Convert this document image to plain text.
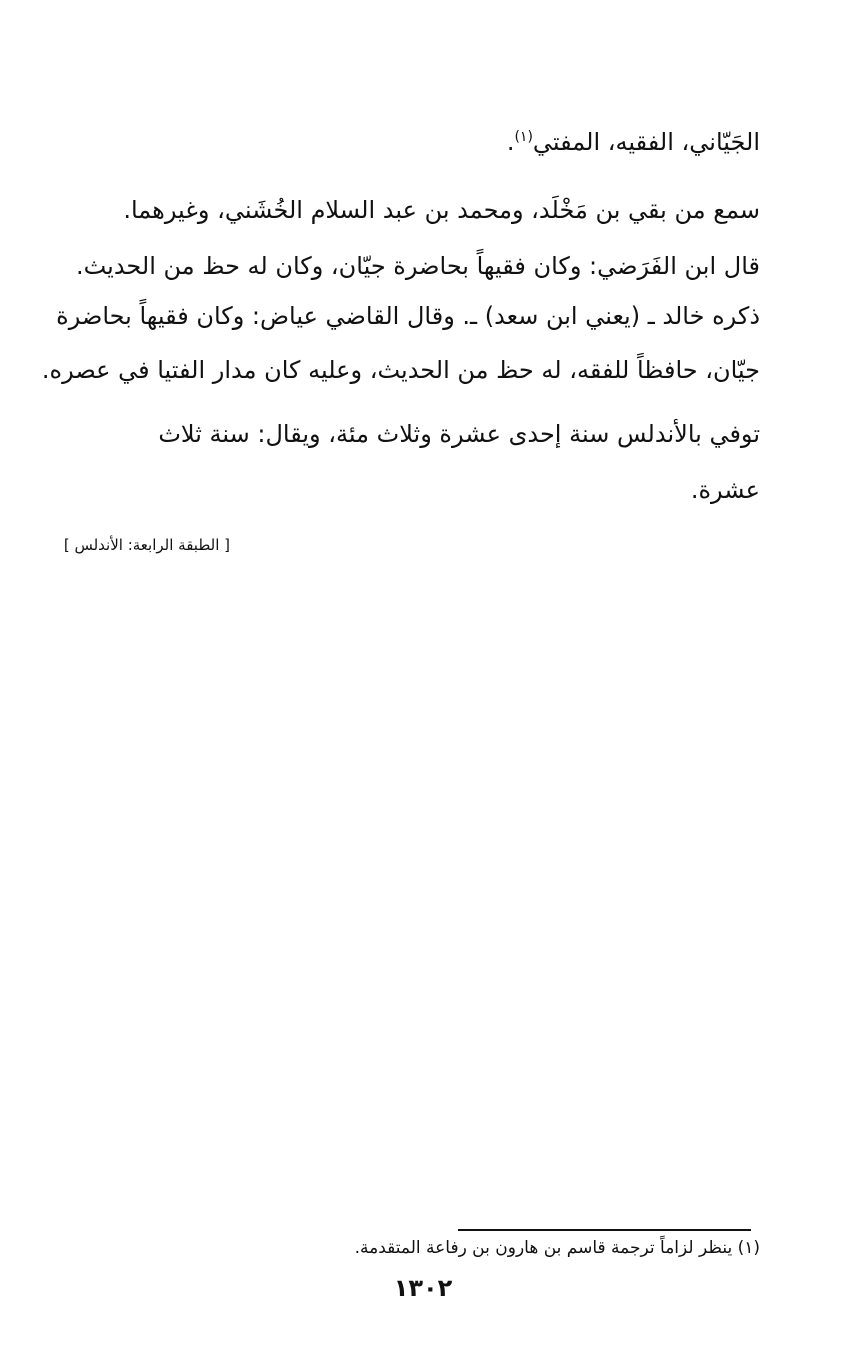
الجَيّاني، الفقيه، المفتي$^{(١)}$.
سمع من بقي بن مَخْلَد، ومحمد بن عبد السلام الخُشَني، وغيرهما.
قال ابن الفَرَضي: وكان فقيهاً بحاضرة جيّان، وكان له حظ من الحديث.
ذكره خالد ـ (يعني ابن سعد) ـ. وقال القاضي عياض: وكان فقيهاً بحاضرة
جيّان، حافظاً للفقه، له حظ من الحديث، وعليه كان مدار الفتيا في عصره.
توفي بالأندلس سنة إحدى عشرة وثلاث مئة، ويقال: سنة ثلاث
عشرة.
[ الطبقة الرابعة: الأندلس ]
(١) ينظر لزاماً ترجمة قاسم بن هارون بن رفاعة المتقدمة.
١٣٠٢
